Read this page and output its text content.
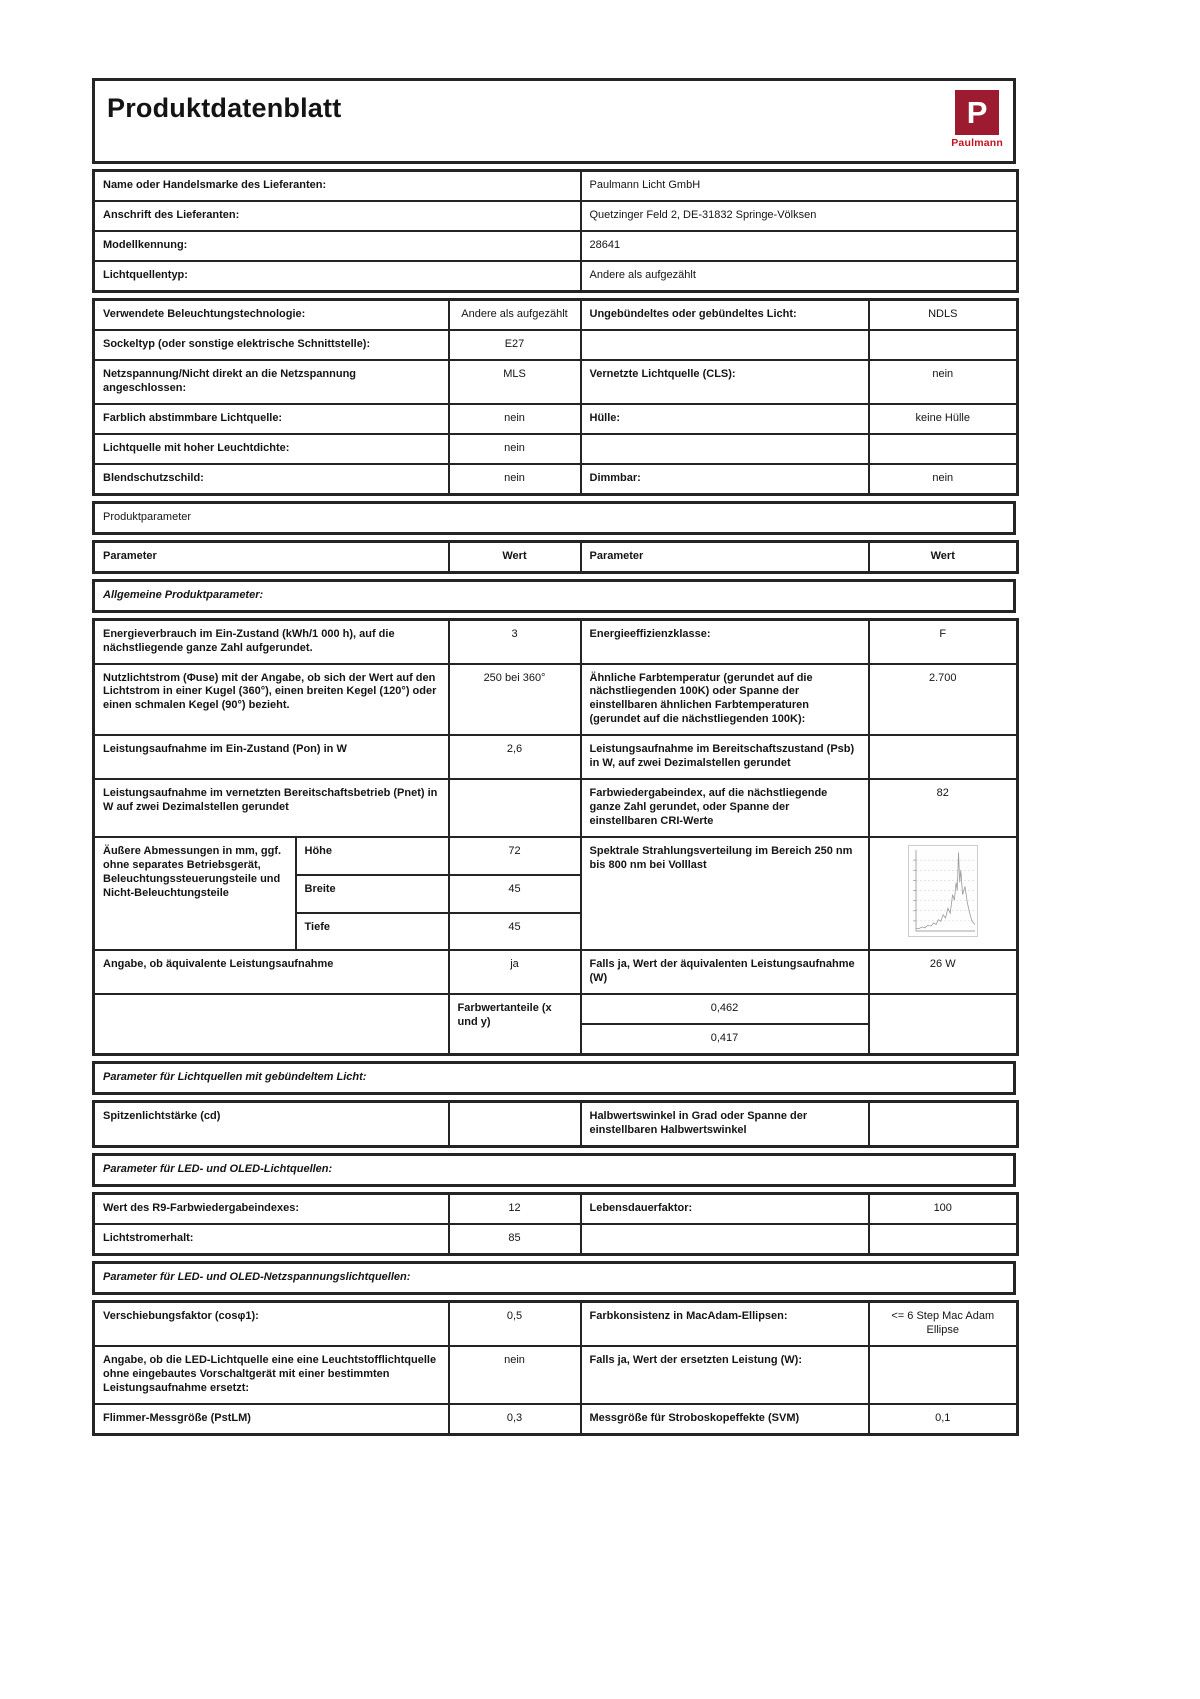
Produktdatenblatt	P
Paulmann
Name oder Handelsmarke des Lieferanten:	Paulmann Licht GmbH
Anschrift des Lieferanten:	Quetzinger Feld 2, DE-31832 Springe-Völksen
Modellkennung:	28641
Lichtquellentyp:	Andere als aufgezählt
Verwendete Beleuchtungstechnologie:	Andere als aufgezählt	Ungebündeltes oder gebündeltes Licht:	NDLS
Sockeltyp (oder sonstige elektrische Schnittstelle):	E27		
Netzspannung/Nicht direkt an die Netzspannung angeschlossen:	MLS	Vernetzte Lichtquelle (CLS):	nein
Farblich abstimmbare Lichtquelle:	nein	Hülle:	keine Hülle
Lichtquelle mit hoher Leuchtdichte:	nein		
Blendschutzschild:	nein	Dimmbar:	nein
Produktparameter
Parameter	Wert	Parameter	Wert
Allgemeine Produktparameter:
Energieverbrauch im Ein-Zustand (kWh/1 000 h), auf die nächstliegende ganze Zahl aufgerundet.		3	Energieeffizienzklasse:	F
Nutzlichtstrom (Φuse) mit der Angabe, ob sich der Wert auf den Lichtstrom in einer Kugel (360°), einen breiten Kegel (120°) oder einen schmalen Kegel (90°) bezieht.		250 bei 360°	Ähnliche Farbtemperatur (gerundet auf die nächstliegenden 100K) oder Spanne der einstellbaren ähnlichen Farbtemperaturen (gerundet auf die nächstliegenden 100K):	2.700
Leistungsaufnahme im Ein-Zustand (Pon) in W		2,6	Leistungsaufnahme im Bereitschaftszustand (Psb) in W, auf zwei Dezimalstellen gerundet	
Leistungsaufnahme im vernetzten Bereitschaftsbetrieb (Pnet) in W auf zwei Dezimalstellen gerundet			Farbwiedergabeindex, auf die nächstliegende ganze Zahl gerundet, oder Spanne der einstellbaren CRI-Werte	82
Äußere Abmessungen in mm, ggf. ohne separates Betriebsgerät, Beleuchtungssteuerungsteile und Nicht-Beleuchtungsteile	Höhe	72	Spektrale Strahlungsverteilung im Bereich 250 nm bis 800 nm bei Volllast	
	Breite	45		
	Tiefe	45		
Angabe, ob äquivalente Leistungsaufnahme		ja	Falls ja, Wert der äquivalenten Leistungsaufnahme (W)	26 W
		Farbwertanteile (x und y)	0,462	
			0,417	
Parameter für Lichtquellen mit gebündeltem Licht:
Spitzenlichtstärke (cd)		Halbwertswinkel in Grad oder Spanne der einstellbaren Halbwertswinkel	
Parameter für LED- und OLED-Lichtquellen:
Wert des R9-Farbwiedergabeindexes:	12	Lebensdauerfaktor:	100
Lichtstromerhalt:	85		
Parameter für LED- und OLED-Netzspannungslichtquellen:
Verschiebungsfaktor (cosφ1):	0,5	Farbkonsistenz in MacAdam-Ellipsen:	<= 6 Step Mac Adam Ellipse
Angabe, ob die LED-Lichtquelle eine eine Leuchtstofflichtquelle ohne eingebautes Vorschaltgerät mit einer bestimmten Leistungsaufnahme ersetzt:	nein	Falls ja, Wert der ersetzten Leistung (W):	
Flimmer-Messgröße (PstLM)	0,3	Messgröße für Stroboskopeffekte (SVM)	0,1
